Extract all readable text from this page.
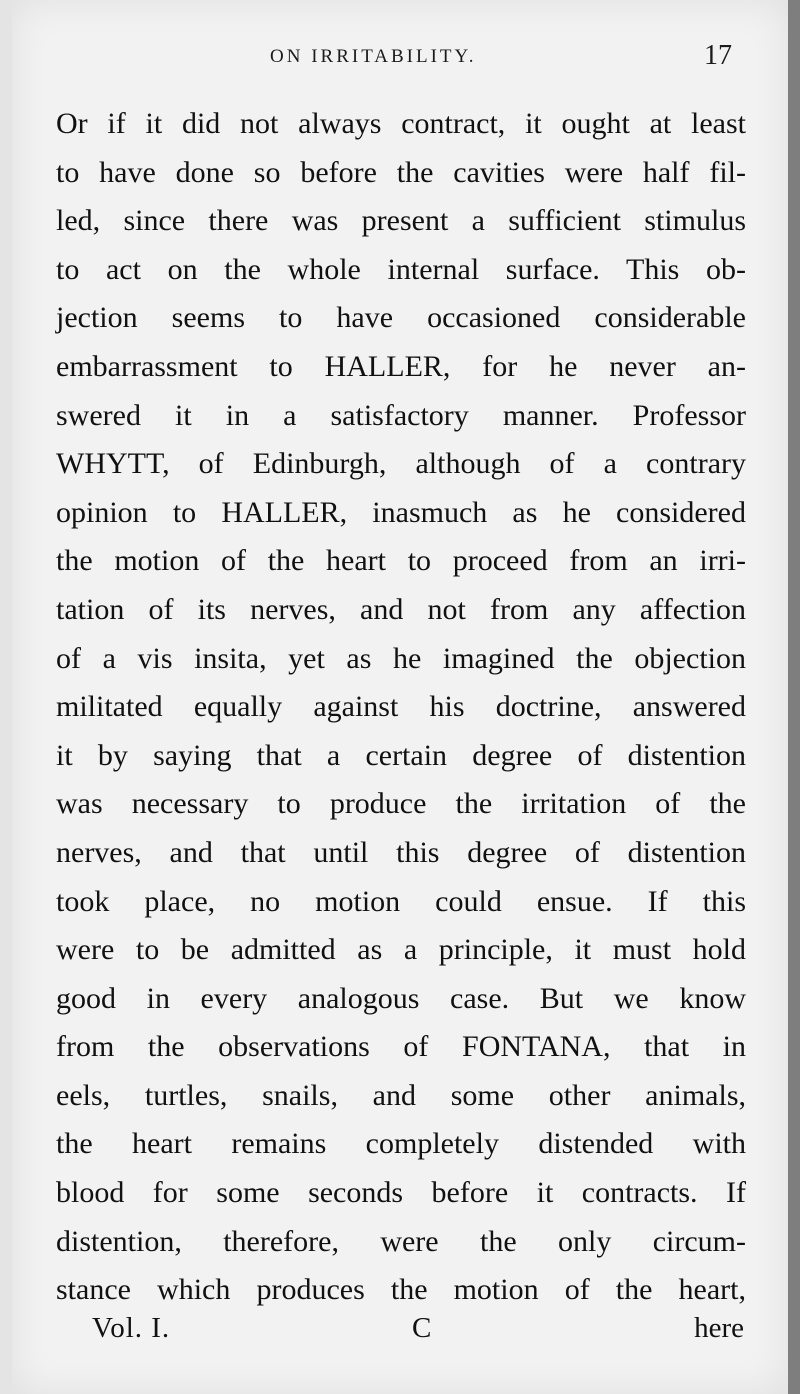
ON IRRITABILITY.	17
Or if it did not always contract, it ought at least
to have done so before the cavities were half fil-
led, since there was present a sufficient stimulus
to act on the whole internal surface. This ob-
jection seems to have occasioned considerable
embarrassment to HALLER, for he never an-
swered it in a satisfactory manner. Professor
WHYTT, of Edinburgh, although of a contrary
opinion to HALLER, inasmuch as he considered
the motion of the heart to proceed from an irri-
tation of its nerves, and not from any affection
of a vis insita, yet as he imagined the objection
militated equally against his doctrine, answered
it by saying that a certain degree of distention
was necessary to produce the irritation of the
nerves, and that until this degree of distention
took place, no motion could ensue. If this
were to be admitted as a principle, it must hold
good in every analogous case. But we know
from the observations of FONTANA, that in
eels, turtles, snails, and some other animals,
the heart remains completely distended with
blood for some seconds before it contracts. If
distention, therefore, were the only circum-
stance which produces the motion of the heart,
Vol. I.	C	here
